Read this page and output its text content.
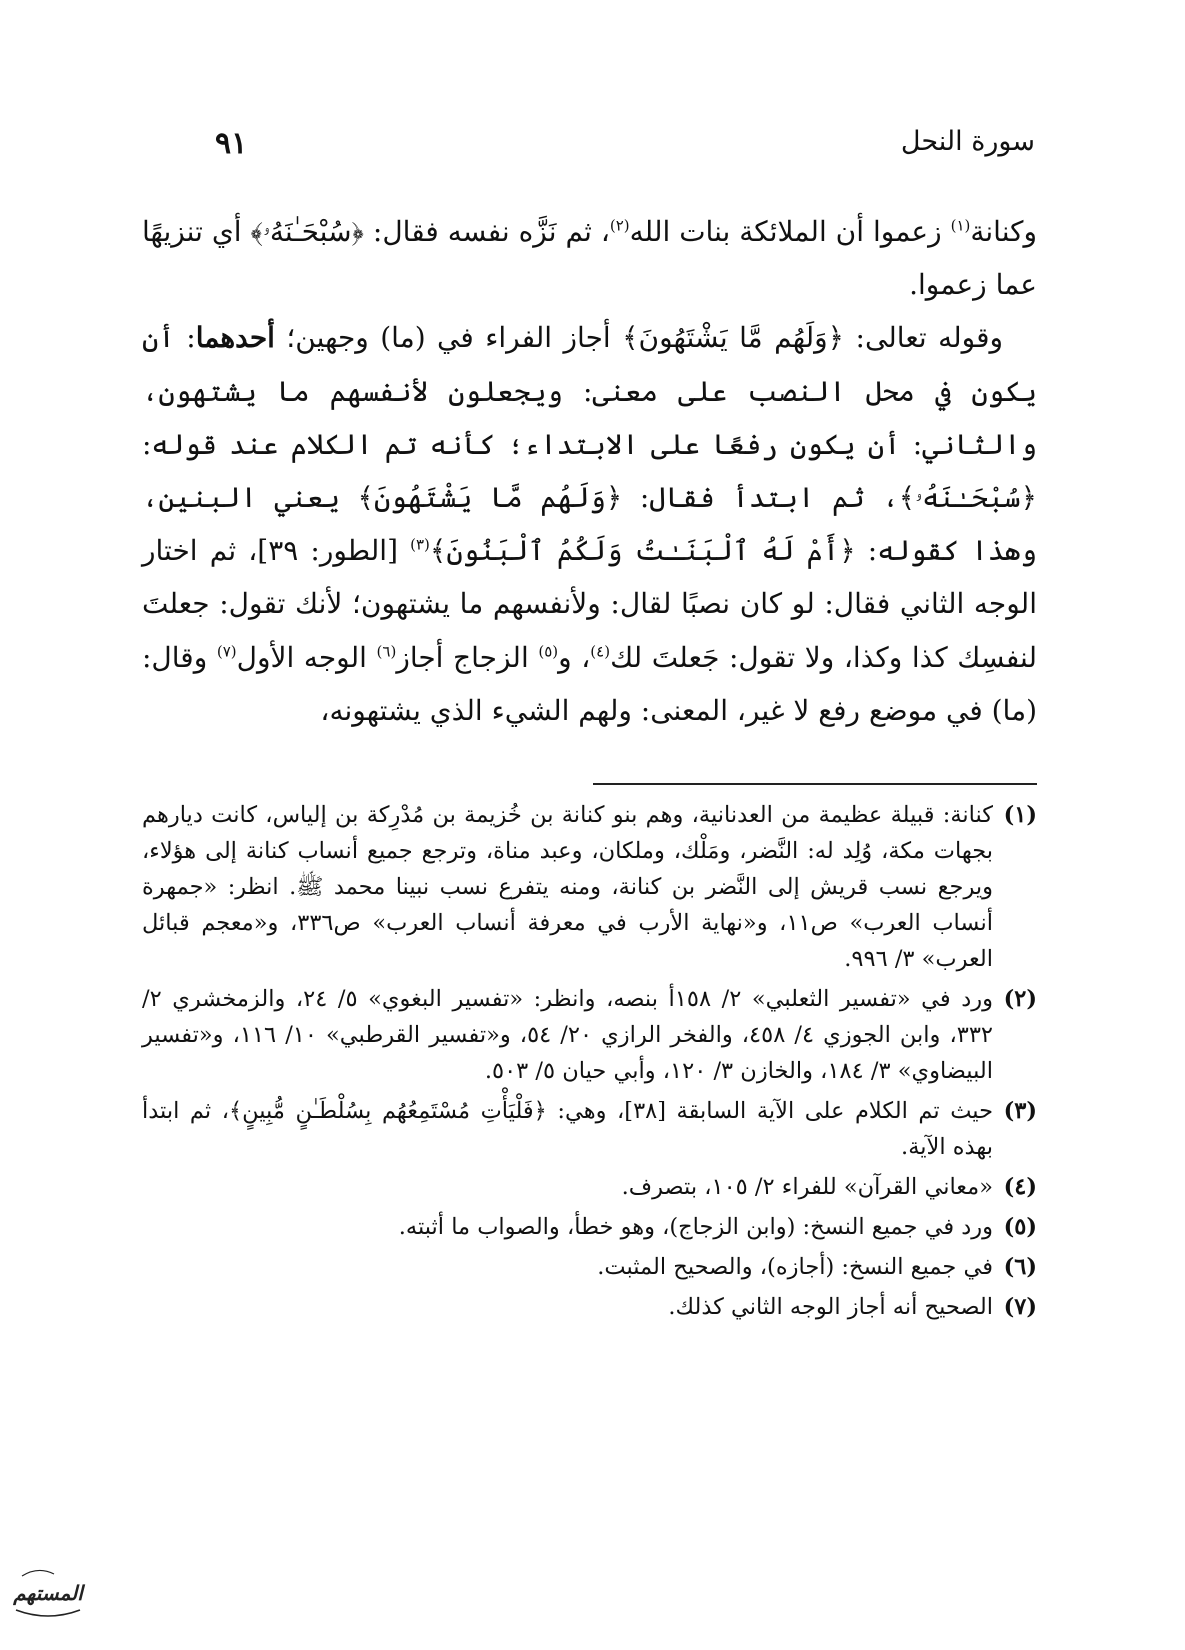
٩١	سورة النحل

وكنانة$^{(١)}$ زعموا أن الملائكة بنات الله$^{(٢)}$، ثم نَزَّه نفسه فقال: ﴿سُبْحَـٰنَهُۥ﴾ أي تنزيهًا عما زعموا.

وقوله تعالى: ﴿وَلَهُم مَّا يَشْتَهُونَ﴾ أجاز الفراء في (ما) وجهين؛ أحدهما: أن يكون في محل النصب على معنى: ويجعلون لأنفسهم ما يشتهون، والثاني: أن يكون رفعًا على الابتداء؛ كأنه تم الكلام عند قوله: ﴿سُبْحَـٰنَهُۥ﴾، ثم ابتدأ فقال: ﴿وَلَهُم مَّا يَشْتَهُونَ﴾ يعني البنين، وهذا كقوله: ﴿أَمْ لَهُ ٱلْبَنَـٰتُ وَلَكُمُ ٱلْبَنُونَ﴾$^{(٣)}$ [الطور: ٣٩]، ثم اختار الوجه الثاني فقال: لو كان نصبًا لقال: ولأنفسهم ما يشتهون؛ لأنك تقول: جعلتَ لنفسِك كذا وكذا، ولا تقول: جَعلتَ لك$^{(٤)}$، و$^{(٥)}$ الزجاج أجاز$^{(٦)}$ الوجه الأول$^{(٧)}$ وقال: (ما) في موضع رفع لا غير، المعنى: ولهم الشيء الذي يشتهونه،

(١)
كنانة: قبيلة عظيمة من العدنانية، وهم بنو كنانة بن خُزيمة بن مُدْرِكة بن إلياس، كانت ديارهم بجهات مكة، وُلِد له: النَّضر، ومَلْك، وملكان، وعبد مناة، وترجع جميع أنساب كنانة إلى هؤلاء، ويرجع نسب قريش إلى النَّضر بن كنانة، ومنه يتفرع نسب نبينا محمد ﷺ. انظر: «جمهرة أنساب العرب» ص١١، و«نهاية الأرب في معرفة أنساب العرب» ص٣٣٦، و«معجم قبائل العرب» ٣/ ٩٩٦.
(٢)
ورد في «تفسير الثعلبي» ٢/ ١٥٨أ بنصه، وانظر: «تفسير البغوي» ٥/ ٢٤، والزمخشري ٢/ ٣٣٢، وابن الجوزي ٤/ ٤٥٨، والفخر الرازي ٢٠/ ٥٤، و«تفسير القرطبي» ١٠/ ١١٦، و«تفسير البيضاوي» ٣/ ١٨٤، والخازن ٣/ ١٢٠، وأبي حيان ٥/ ٥٠٣.
(٣)
حيث تم الكلام على الآية السابقة [٣٨]، وهي: ﴿فَلْيَأْتِ مُسْتَمِعُهُم بِسُلْطَـٰنٍ مُّبِينٍ﴾، ثم ابتدأ بهذه الآية.
(٤)
«معاني القرآن» للفراء ٢/ ١٠٥، بتصرف.
(٥)
ورد في جميع النسخ: (وابن الزجاج)، وهو خطأ، والصواب ما أثبته.
(٦)
في جميع النسخ: (أجازه)، والصحيح المثبت.
(٧)
الصحيح أنه أجاز الوجه الثاني كذلك.
المستهم
